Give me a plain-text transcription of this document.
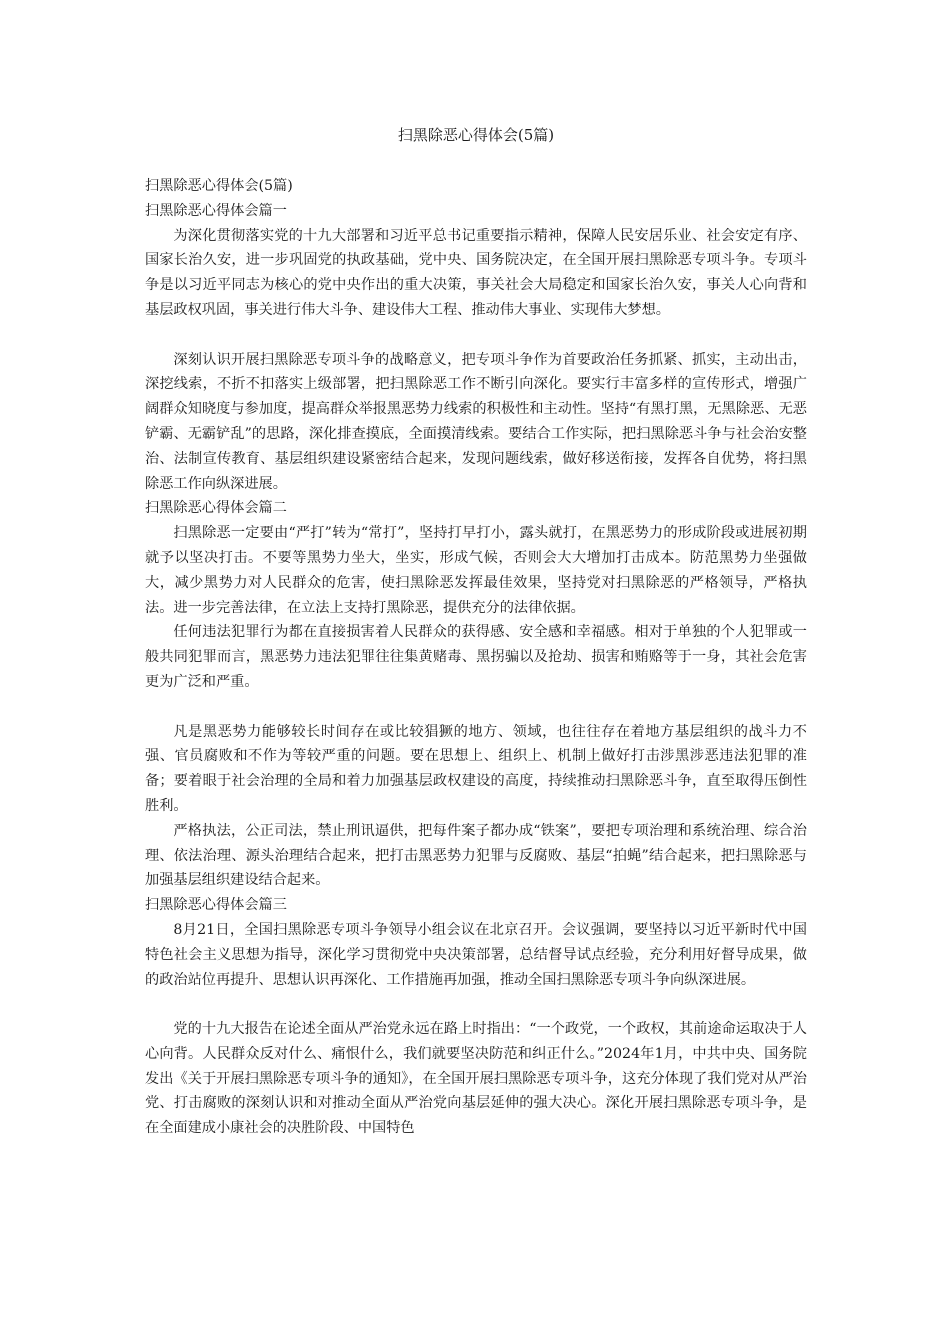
扫黑除恶心得体会(5篇)

扫黑除恶心得体会(5篇)

扫黑除恶心得体会篇一

为深化贯彻落实党的十九大部署和习近平总书记重要指示精神，保障人民安居乐业、社会安定有序、国家长治久安，进一步巩固党的执政基础，党中央、国务院决定，在全国开展扫黑除恶专项斗争。专项斗争是以习近平同志为核心的党中央作出的重大决策，事关社会大局稳定和国家长治久安，事关人心向背和基层政权巩固，事关进行伟大斗争、建设伟大工程、推动伟大事业、实现伟大梦想。

深刻认识开展扫黑除恶专项斗争的战略意义，把专项斗争作为首要政治任务抓紧、抓实，主动出击，深挖线索，不折不扣落实上级部署，把扫黑除恶工作不断引向深化。要实行丰富多样的宣传形式，增强广阔群众知晓度与参加度，提高群众举报黑恶势力线索的积极性和主动性。坚持“有黑打黑，无黑除恶、无恶铲霸、无霸铲乱”的思路，深化排查摸底，全面摸清线索。要结合工作实际，把扫黑除恶斗争与社会治安整治、法制宣传教育、基层组织建设紧密结合起来，发现问题线索，做好移送衔接，发挥各自优势，将扫黑除恶工作向纵深进展。

扫黑除恶心得体会篇二

扫黑除恶一定要由“严打”转为“常打”，坚持打早打小，露头就打，在黑恶势力的形成阶段或进展初期就予以坚决打击。不要等黑势力坐大，坐实，形成气候，否则会大大增加打击成本。防范黑势力坐强做大，减少黑势力对人民群众的危害，使扫黑除恶发挥最佳效果，坚持党对扫黑除恶的严格领导，严格执法。进一步完善法律，在立法上支持打黑除恶，提供充分的法律依据。

任何违法犯罪行为都在直接损害着人民群众的获得感、安全感和幸福感。相对于单独的个人犯罪或一般共同犯罪而言，黑恶势力违法犯罪往往集黄赌毒、黑拐骗以及抢劫、损害和贿赂等于一身，其社会危害更为广泛和严重。

凡是黑恶势力能够较长时间存在或比较猖獗的地方、领域，也往往存在着地方基层组织的战斗力不强、官员腐败和不作为等较严重的问题。要在思想上、组织上、机制上做好打击涉黑涉恶违法犯罪的准备；要着眼于社会治理的全局和着力加强基层政权建设的高度，持续推动扫黑除恶斗争，直至取得压倒性胜利。

严格执法，公正司法，禁止刑讯逼供，把每件案子都办成“铁案”，要把专项治理和系统治理、综合治理、依法治理、源头治理结合起来，把打击黑恶势力犯罪与反腐败、基层“拍蝇”结合起来，把扫黑除恶与加强基层组织建设结合起来。

扫黑除恶心得体会篇三

8月21日，全国扫黑除恶专项斗争领导小组会议在北京召开。会议强调，要坚持以习近平新时代中国特色社会主义思想为指导，深化学习贯彻党中央决策部署，总结督导试点经验，充分利用好督导成果，做的政治站位再提升、思想认识再深化、工作措施再加强，推动全国扫黑除恶专项斗争向纵深进展。

党的十九大报告在论述全面从严治党永远在路上时指出：“一个政党，一个政权，其前途命运取决于人心向背。人民群众反对什么、痛恨什么，我们就要坚决防范和纠正什么。”2024年1月，中共中央、国务院发出《关于开展扫黑除恶专项斗争的通知》，在全国开展扫黑除恶专项斗争，这充分体现了我们党对从严治党、打击腐败的深刻认识和对推动全面从严治党向基层延伸的强大决心。深化开展扫黑除恶专项斗争，是在全面建成小康社会的决胜阶段、中国特色
